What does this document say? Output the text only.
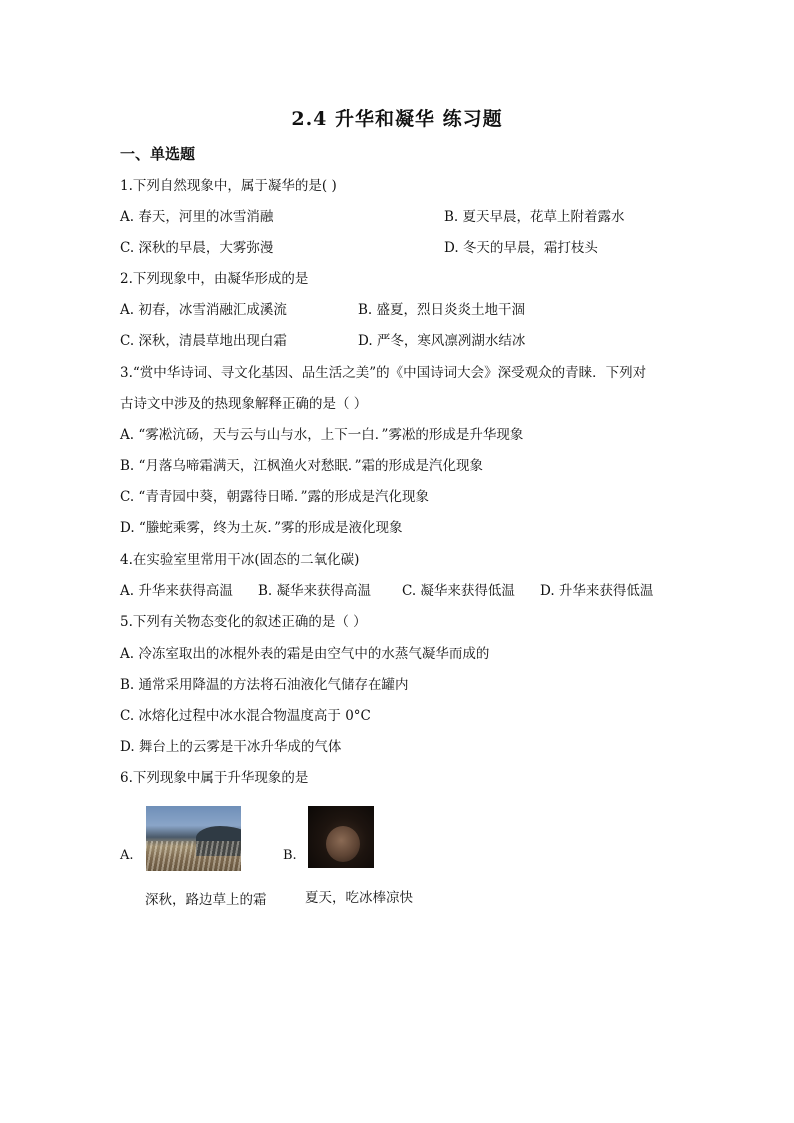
2.4 升华和凝华 练习题
一、单选题
1.下列自然现象中，属于凝华的是( )
A. 春天，河里的冰雪消融	B. 夏天早晨，花草上附着露水
C. 深秋的早晨，大雾弥漫	D. 冬天的早晨，霜打枝头
2.下列现象中，由凝华形成的是
A. 初春，冰雪消融汇成溪流	B. 盛夏，烈日炎炎土地干涸
C. 深秋，清晨草地出现白霜	D. 严冬，寒风凛冽湖水结冰
3.“赏中华诗词、寻文化基因、品生活之美”的《中国诗词大会》深受观众的青睐．下列对
古诗文中涉及的热现象解释正确的是（ ）
A. “雾凇沆砀，天与云与山与水，上下一白．”雾凇的形成是升华现象
B. “月落乌啼霜满天，江枫渔火对愁眠．”霜的形成是汽化现象
C. “青青园中葵，朝露待日晞．”露的形成是汽化现象
D. “螣蛇乘雾，终为土灰．”雾的形成是液化现象
4.在实验室里常用干冰(固态的二氧化碳)
A. 升华来获得高温 B. 凝华来获得高温 C. 凝华来获得低温 D. 升华来获得低温
5.下列有关物态变化的叙述正确的是（ ）
A. 冷冻室取出的冰棍外表的霜是由空气中的水蒸气凝华而成的
B. 通常采用降温的方法将石油液化气储存在罐内
C. 冰熔化过程中冰水混合物温度高于 0°C
D. 舞台上的云雾是干冰升华成的气体
6.下列现象中属于升华现象的是
A.	B.
深秋，路边草上的霜	夏天，吃冰棒凉快
